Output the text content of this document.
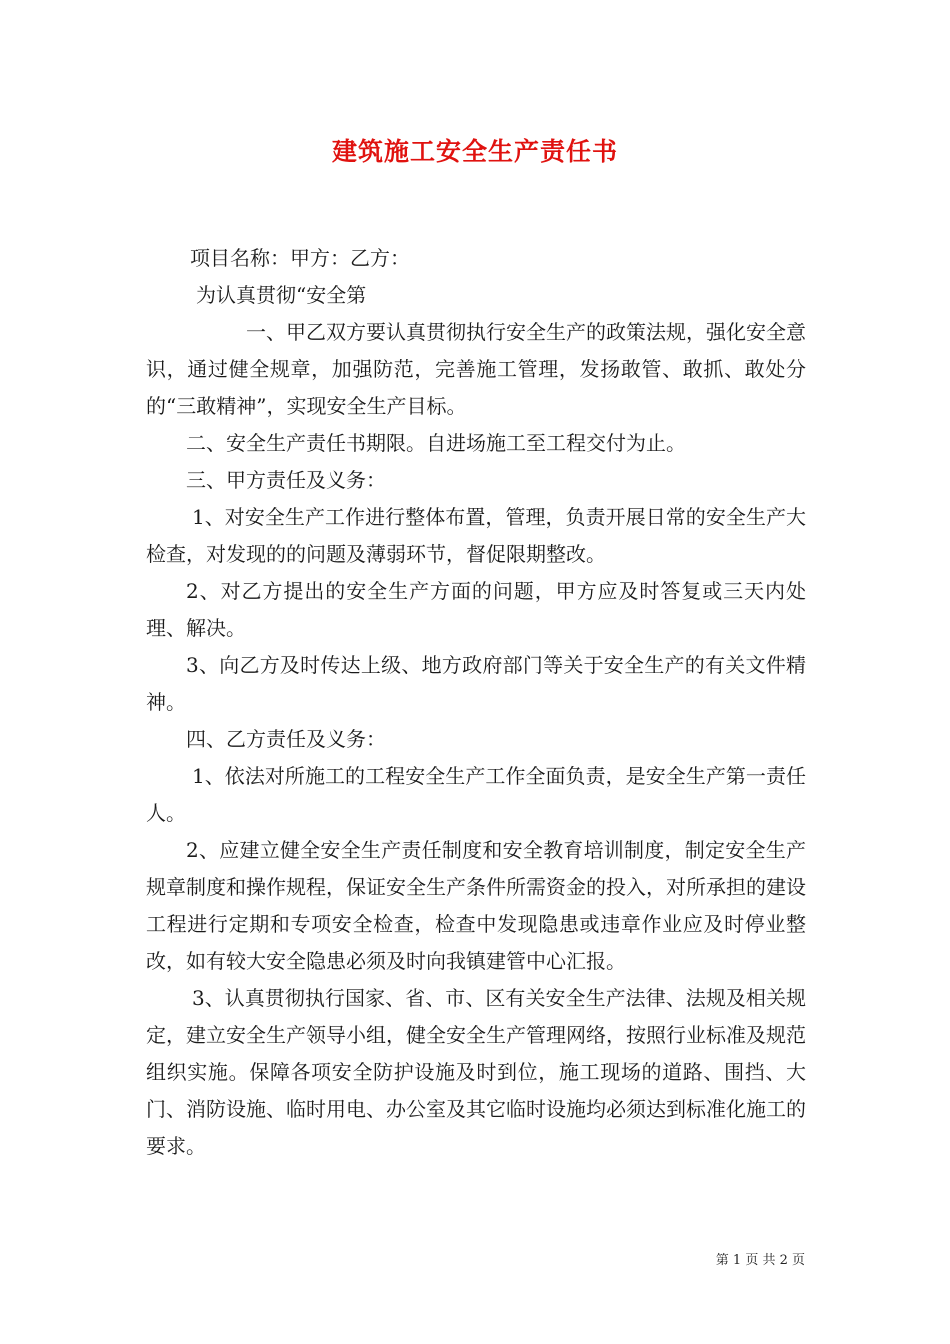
建筑施工安全生产责任书

项目名称：甲方：乙方：

为认真贯彻“安全第

一、甲乙双方要认真贯彻执行安全生产的政策法规，强化安全意识，通过健全规章，加强防范，完善施工管理，发扬敢管、敢抓、敢处分的“三敢精神”，实现安全生产目标。

二、安全生产责任书期限。自进场施工至工程交付为止。

三、甲方责任及义务：

1、对安全生产工作进行整体布置，管理，负责开展日常的安全生产大检查，对发现的的问题及薄弱环节，督促限期整改。

2、对乙方提出的安全生产方面的问题，甲方应及时答复或三天内处理、解决。

3、向乙方及时传达上级、地方政府部门等关于安全生产的有关文件精神。

四、乙方责任及义务：

1、依法对所施工的工程安全生产工作全面负责，是安全生产第一责任人。

2、应建立健全安全生产责任制度和安全教育培训制度，制定安全生产规章制度和操作规程，保证安全生产条件所需资金的投入，对所承担的建设工程进行定期和专项安全检查，检查中发现隐患或违章作业应及时停业整改，如有较大安全隐患必须及时向我镇建管中心汇报。

3、认真贯彻执行国家、省、市、区有关安全生产法律、法规及相关规定，建立安全生产领导小组，健全安全生产管理网络，按照行业标准及规范组织实施。保障各项安全防护设施及时到位，施工现场的道路、围挡、大门、消防设施、临时用电、办公室及其它临时设施均必须达到标准化施工的要求。

第 1 页 共 2 页
